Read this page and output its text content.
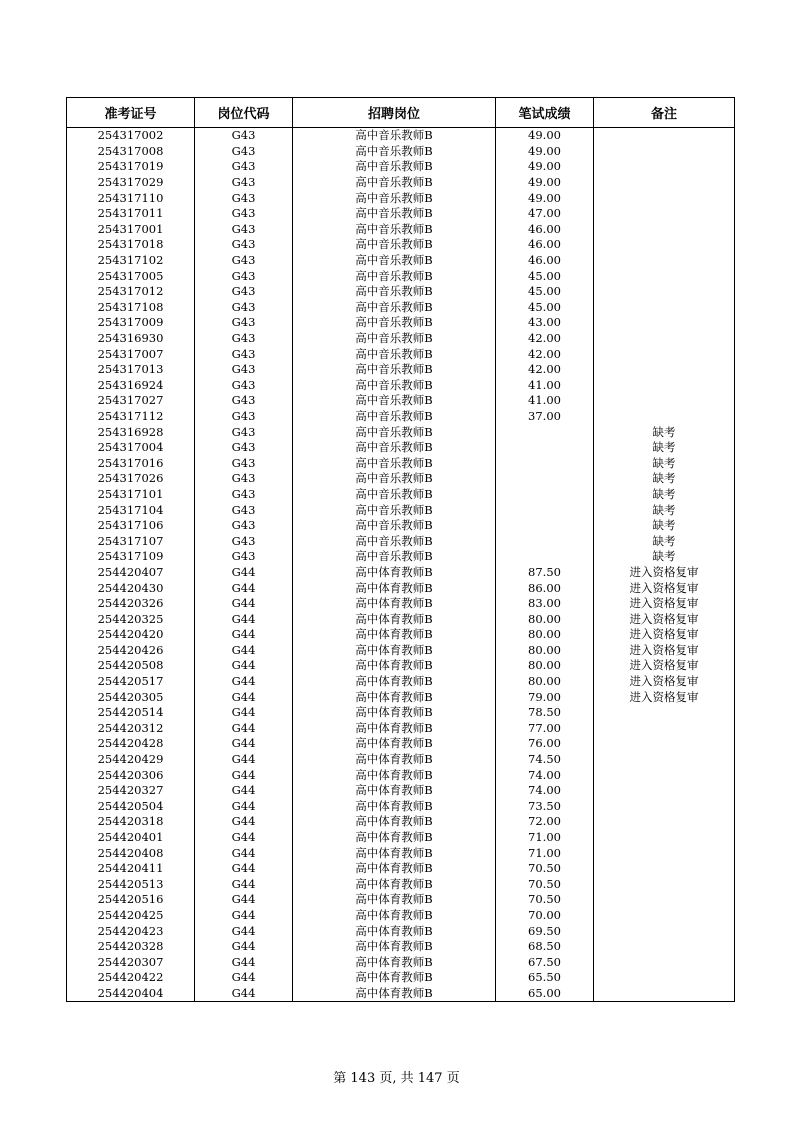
准考证号	岗位代码	招聘岗位	笔试成绩	备注
254317002	G43	高中音乐教师B	49.00	
254317008	G43	高中音乐教师B	49.00	
254317019	G43	高中音乐教师B	49.00	
254317029	G43	高中音乐教师B	49.00	
254317110	G43	高中音乐教师B	49.00	
254317011	G43	高中音乐教师B	47.00	
254317001	G43	高中音乐教师B	46.00	
254317018	G43	高中音乐教师B	46.00	
254317102	G43	高中音乐教师B	46.00	
254317005	G43	高中音乐教师B	45.00	
254317012	G43	高中音乐教师B	45.00	
254317108	G43	高中音乐教师B	45.00	
254317009	G43	高中音乐教师B	43.00	
254316930	G43	高中音乐教师B	42.00	
254317007	G43	高中音乐教师B	42.00	
254317013	G43	高中音乐教师B	42.00	
254316924	G43	高中音乐教师B	41.00	
254317027	G43	高中音乐教师B	41.00	
254317112	G43	高中音乐教师B	37.00	
254316928	G43	高中音乐教师B		缺考
254317004	G43	高中音乐教师B		缺考
254317016	G43	高中音乐教师B		缺考
254317026	G43	高中音乐教师B		缺考
254317101	G43	高中音乐教师B		缺考
254317104	G43	高中音乐教师B		缺考
254317106	G43	高中音乐教师B		缺考
254317107	G43	高中音乐教师B		缺考
254317109	G43	高中音乐教师B		缺考
254420407	G44	高中体育教师B	87.50	进入资格复审
254420430	G44	高中体育教师B	86.00	进入资格复审
254420326	G44	高中体育教师B	83.00	进入资格复审
254420325	G44	高中体育教师B	80.00	进入资格复审
254420420	G44	高中体育教师B	80.00	进入资格复审
254420426	G44	高中体育教师B	80.00	进入资格复审
254420508	G44	高中体育教师B	80.00	进入资格复审
254420517	G44	高中体育教师B	80.00	进入资格复审
254420305	G44	高中体育教师B	79.00	进入资格复审
254420514	G44	高中体育教师B	78.50	
254420312	G44	高中体育教师B	77.00	
254420428	G44	高中体育教师B	76.00	
254420429	G44	高中体育教师B	74.50	
254420306	G44	高中体育教师B	74.00	
254420327	G44	高中体育教师B	74.00	
254420504	G44	高中体育教师B	73.50	
254420318	G44	高中体育教师B	72.00	
254420401	G44	高中体育教师B	71.00	
254420408	G44	高中体育教师B	71.00	
254420411	G44	高中体育教师B	70.50	
254420513	G44	高中体育教师B	70.50	
254420516	G44	高中体育教师B	70.50	
254420425	G44	高中体育教师B	70.00	
254420423	G44	高中体育教师B	69.50	
254420328	G44	高中体育教师B	68.50	
254420307	G44	高中体育教师B	67.50	
254420422	G44	高中体育教师B	65.50	
254420404	G44	高中体育教师B	65.00	
第 143 页, 共 147 页
